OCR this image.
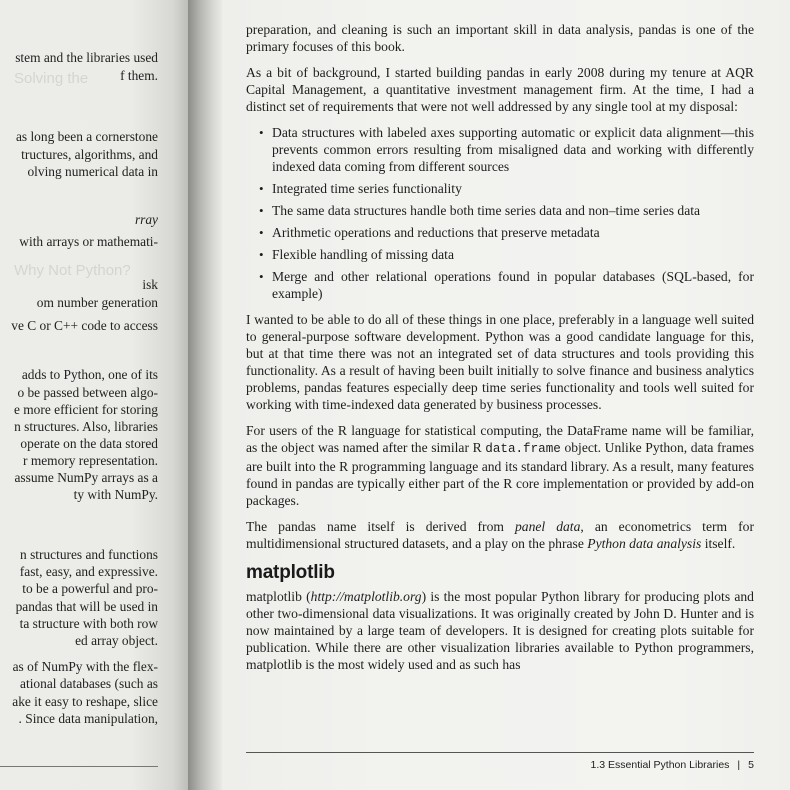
Solving the
Why Not Python?
stem and the libraries used
f them.
as long been a cornerstone
tructures, algorithms, and
olving numerical data in
rray
with arrays or mathemati-
isk
om number generation
ve C or C++ code to access
adds to Python, one of its
o be passed between algo-
e more efficient for storing
n structures. Also, libraries
operate on the data stored
r memory representation.
assume NumPy arrays as a
ty with NumPy.
n structures and functions
fast, easy, and expressive.
to be a powerful and pro-
pandas that will be used in
ta structure with both row
ed array object.
as of NumPy with the flex-
ational databases (such as
ake it easy to reshape, slice
. Since data manipulation,

preparation, and cleaning is such an important skill in data analysis, pandas is one of the primary focuses of this book.

As a bit of background, I started building pandas in early 2008 during my tenure at AQR Capital Management, a quantitative investment management firm. At the time, I had a distinct set of requirements that were not well addressed by any single tool at my disposal:

• Data structures with labeled axes supporting automatic or explicit data alignment—this prevents common errors resulting from misaligned data and working with differently indexed data coming from different sources
• Integrated time series functionality
• The same data structures handle both time series data and non–time series data
• Arithmetic operations and reductions that preserve metadata
• Flexible handling of missing data
• Merge and other relational operations found in popular databases (SQL-based, for example)

I wanted to be able to do all of these things in one place, preferably in a language well suited to general-purpose software development. Python was a good candidate language for this, but at that time there was not an integrated set of data structures and tools providing this functionality. As a result of having been built initially to solve finance and business analytics problems, pandas features especially deep time series functionality and tools well suited for working with time-indexed data generated by business processes.

For users of the R language for statistical computing, the DataFrame name will be familiar, as the object was named after the similar R data.frame object. Unlike Python, data frames are built into the R programming language and its standard library. As a result, many features found in pandas are typically either part of the R core implementation or provided by add-on packages.

The pandas name itself is derived from panel data, an econometrics term for multidimensional structured datasets, and a play on the phrase Python data analysis itself.

matplotlib

matplotlib (http://matplotlib.org) is the most popular Python library for producing plots and other two-dimensional data visualizations. It was originally created by John D. Hunter and is now maintained by a large team of developers. It is designed for creating plots suitable for publication. While there are other visualization libraries available to Python programmers, matplotlib is the most widely used and as such has

1.3 Essential Python Libraries | 5
